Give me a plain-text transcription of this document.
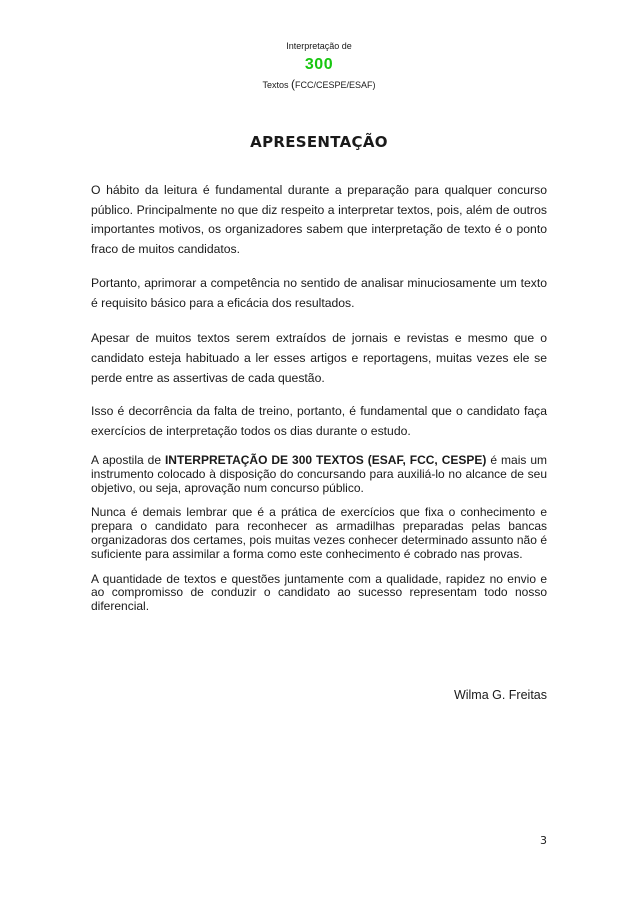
Interpretação de
300
Textos (FCC/CESPE/ESAF)
APRESENTAÇÃO

O hábito da leitura é fundamental durante a preparação para qualquer concurso público. Principalmente no que diz respeito a interpretar textos, pois, além de outros importantes motivos, os organizadores sabem que interpretação de texto é o ponto fraco de muitos candidatos.

Portanto, aprimorar a competência no sentido de analisar minuciosamente um texto é requisito básico para a eficácia dos resultados.

Apesar de muitos textos serem extraídos de jornais e revistas e mesmo que o candidato esteja habituado a ler esses artigos e reportagens, muitas vezes ele se perde entre as assertivas de cada questão.

Isso é decorrência da falta de treino, portanto, é fundamental que o candidato faça exercícios de interpretação todos os dias durante o estudo.

A apostila de INTERPRETAÇÃO DE 300 TEXTOS (ESAF, FCC, CESPE) é mais um instrumento colocado à disposição do concursando para auxiliá-lo no alcance de seu objetivo, ou seja, aprovação num concurso público.

Nunca é demais lembrar que é a prática de exercícios que fixa o conhecimento e prepara o candidato para reconhecer as armadilhas preparadas pelas bancas organizadoras dos certames, pois muitas vezes conhecer determinado assunto não é suficiente para assimilar a forma como este conhecimento é cobrado nas provas.

A quantidade de textos e questões juntamente com a qualidade, rapidez no envio e ao compromisso de conduzir o candidato ao sucesso representam todo nosso diferencial.

Wilma G. Freitas
3
